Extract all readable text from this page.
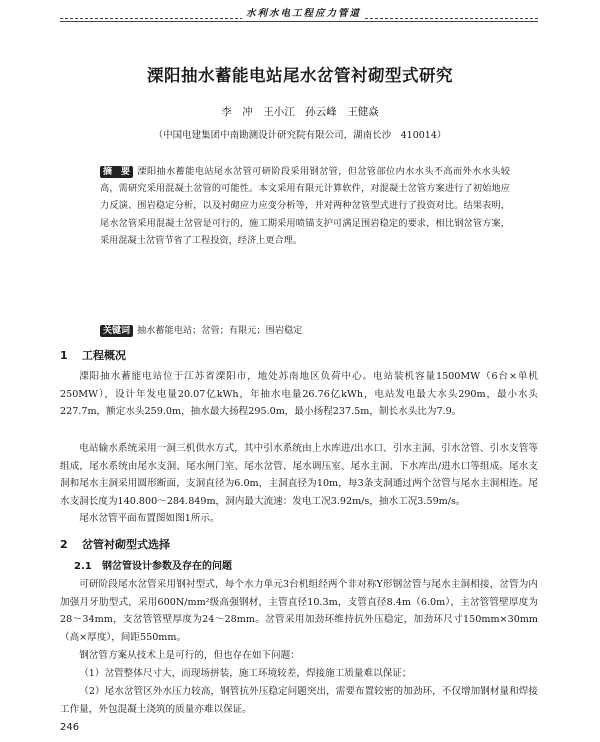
水利水电工程应力管道
溧阳抽水蓄能电站尾水岔管衬砌型式研究
李　冲　王小江　孙云峰　王健焱
（中国电建集团中南勘测设计研究院有限公司，湖南长沙　410014）
摘　要 溧阳抽水蓄能电站尾水岔管可研阶段采用钢岔管，但岔管部位内水水头不高而外水水头较高，需研究采用混凝土岔管的可能性。本文采用有限元计算软件，对混凝土岔管方案进行了初始地应力反演、围岩稳定分析，以及衬砌应力应变分析等，并对两种岔管型式进行了投资对比。结果表明，尾水岔管采用混凝土岔管是可行的，施工期采用喷锚支护可满足围岩稳定的要求，相比钢岔管方案，采用混凝土岔管节省了工程投资，经济上更合理。
关键词 抽水蓄能电站；岔管；有限元；围岩稳定
1 工程概况
溧阳抽水蓄能电站位于江苏省溧阳市，地处苏南地区负荷中心。电站装机容量1500MW（6台×单机250MW），设计年发电量20.07亿kWh，年抽水电量26.76亿kWh，电站发电最大水头290m，最小水头227.7m，额定水头259.0m，抽水最大扬程295.0m，最小扬程237.5m，制长水头比为7.9。
电站输水系统采用一洞三机供水方式，其中引水系统由上水库进/出水口、引水主洞、引水岔管、引水支管等组成，尾水系统由尾水支洞、尾水闸门室、尾水岔管、尾水调压室、尾水主洞、下水库出/进水口等组成。尾水支洞和尾水主洞采用圆形断面，支洞直径为6.0m，主洞直径为10m，每3条支洞通过两个岔管与尾水主洞相连。尾水支洞长度为140.800～284.849m，洞内最大流速：发电工况3.92m/s，抽水工况3.59m/s。
尾水岔管平面布置图如图1所示。
2 岔管衬砌型式选择
2.1 钢岔管设计参数及存在的问题
可研阶段尾水岔管采用钢衬型式，每个水力单元3台机组经两个非对称Y形钢岔管与尾水主洞相接，岔管为内加强月牙肋型式，采用600N/mm²级高强钢材，主管直径10.3m，支管直径8.4m（6.0m），主岔管管壁厚度为28～34mm，支岔管管壁厚度为24～28mm。岔管采用加劲环维持抗外压稳定，加劲环尺寸150mm×30mm（高×厚度），间距550mm。
钢岔管方案从技术上是可行的，但也存在如下问题：
（1）岔管整体尺寸大，而现场拼装，施工环境较差，焊接施工质量难以保证；
（2）尾水岔管区外水压力较高，钢管抗外压稳定问题突出，需要布置较密的加劲环，不仅增加钢材量和焊接工作量，外包混凝土浇筑的质量亦难以保证。
246
